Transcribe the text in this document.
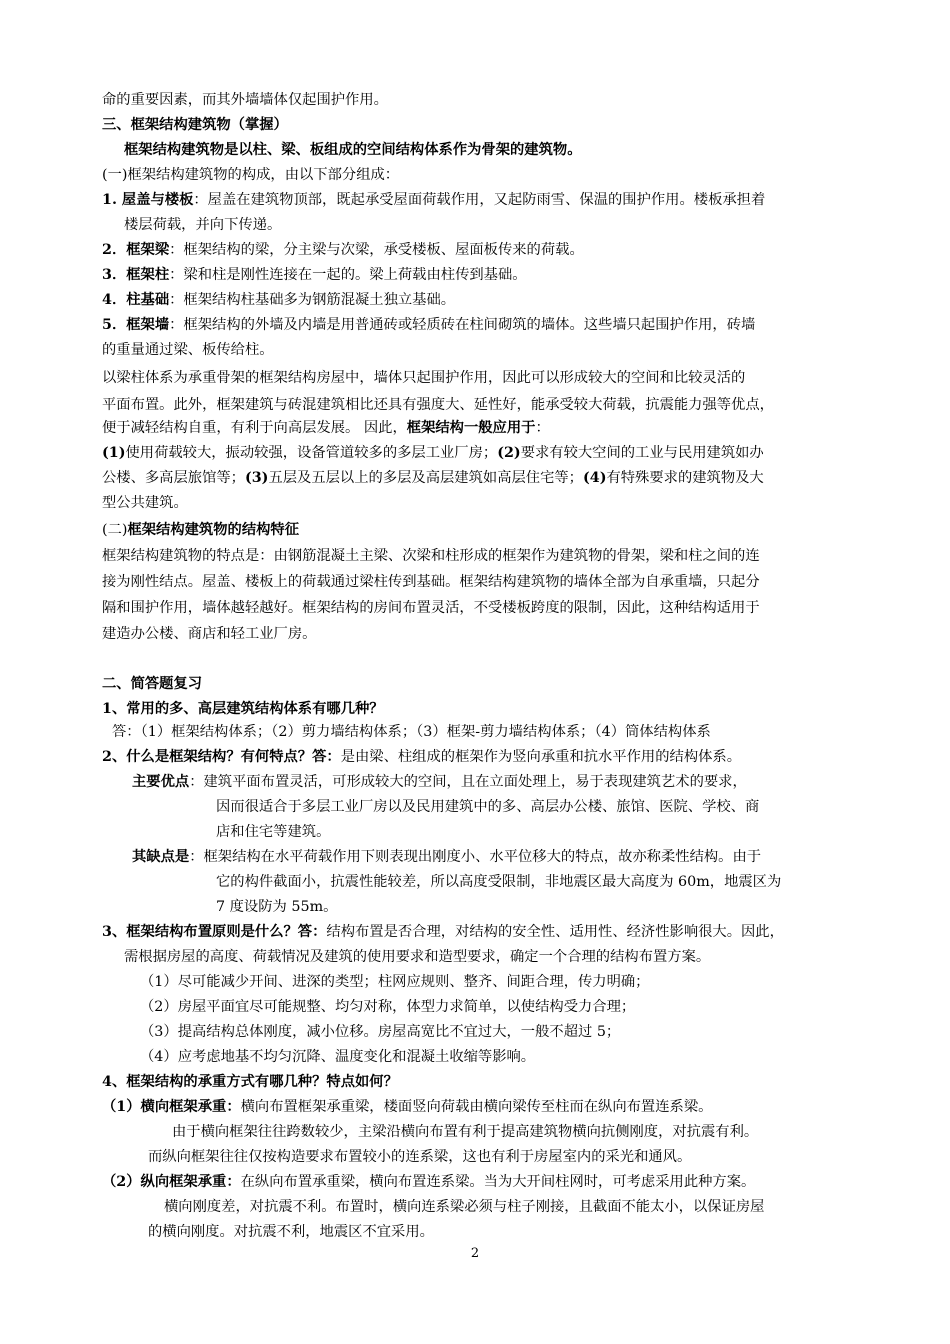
命的重要因素，而其外墙墙体仅起围护作用。
三、框架结构建筑物（掌握）
框架结构建筑物是以柱、梁、板组成的空间结构体系作为骨架的建筑物。
(一)框架结构建筑物的构成，由以下部分组成：
1. 屋盖与楼板：屋盖在建筑物顶部，既起承受屋面荷载作用，又起防雨雪、保温的围护作用。楼板承担着
楼层荷载，并向下传递。
2．框架梁：框架结构的梁，分主梁与次梁，承受楼板、屋面板传来的荷载。
3．框架柱：梁和柱是刚性连接在一起的。梁上荷载由柱传到基础。
4．柱基础：框架结构柱基础多为钢筋混凝土独立基础。
5．框架墙：框架结构的外墙及内墙是用普通砖或轻质砖在柱间砌筑的墙体。这些墙只起围护作用，砖墙
的重量通过梁、板传给柱。
以梁柱体系为承重骨架的框架结构房屋中，墙体只起围护作用，因此可以形成较大的空间和比较灵活的
平面布置。此外，框架建筑与砖混建筑相比还具有强度大、延性好，能承受较大荷载，抗震能力强等优点，
便于减轻结构自重，有利于向高层发展。 因此，框架结构一般应用于：
(1)使用荷载较大，振动较强，设备管道较多的多层工业厂房；(2)要求有较大空间的工业与民用建筑如办
公楼、多高层旅馆等；(3)五层及五层以上的多层及高层建筑如高层住宅等；(4)有特殊要求的建筑物及大
型公共建筑。
(二)框架结构建筑物的结构特征
框架结构建筑物的特点是：由钢筋混凝土主梁、次梁和柱形成的框架作为建筑物的骨架，梁和柱之间的连
接为刚性结点。屋盖、楼板上的荷载通过梁柱传到基础。框架结构建筑物的墙体全部为自承重墙，只起分
隔和围护作用，墙体越轻越好。框架结构的房间布置灵活，不受楼板跨度的限制，因此，这种结构适用于
建造办公楼、商店和轻工业厂房。
二、简答题复习
1、常用的多、高层建筑结构体系有哪几种？
答：（1）框架结构体系；（2）剪力墙结构体系；（3）框架-剪力墙结构体系；（4）筒体结构体系
2、什么是框架结构？有何特点？答：是由梁、柱组成的框架作为竖向承重和抗水平作用的结构体系。
主要优点：建筑平面布置灵活，可形成较大的空间，且在立面处理上，易于表现建筑艺术的要求，
因而很适合于多层工业厂房以及民用建筑中的多、高层办公楼、旅馆、医院、学校、商
店和住宅等建筑。
其缺点是：框架结构在水平荷载作用下则表现出刚度小、水平位移大的特点，故亦称柔性结构。由于
它的构件截面小，抗震性能较差，所以高度受限制，非地震区最大高度为 60m，地震区为
7 度设防为 55m。
3、框架结构布置原则是什么？答：结构布置是否合理，对结构的安全性、适用性、经济性影响很大。因此，
需根据房屋的高度、荷载情况及建筑的使用要求和造型要求，确定一个合理的结构布置方案。
（1）尽可能减少开间、进深的类型；柱网应规则、整齐、间距合理，传力明确；
（2）房屋平面宜尽可能规整、均匀对称，体型力求简单，以使结构受力合理；
（3）提高结构总体刚度，减小位移。房屋高宽比不宜过大，一般不超过 5；
（4）应考虑地基不均匀沉降、温度变化和混凝土收缩等影响。
4、框架结构的承重方式有哪几种？特点如何？
（1）横向框架承重：横向布置框架承重梁，楼面竖向荷载由横向梁传至柱而在纵向布置连系梁。
由于横向框架往往跨数较少，主梁沿横向布置有利于提高建筑物横向抗侧刚度，对抗震有利。
而纵向框架往往仅按构造要求布置较小的连系梁，这也有利于房屋室内的采光和通风。
（2）纵向框架承重：在纵向布置承重梁，横向布置连系梁。当为大开间柱网时，可考虑采用此种方案。
横向刚度差，对抗震不利。布置时，横向连系梁必须与柱子刚接，且截面不能太小，以保证房屋
的横向刚度。对抗震不利，地震区不宜采用。
2
